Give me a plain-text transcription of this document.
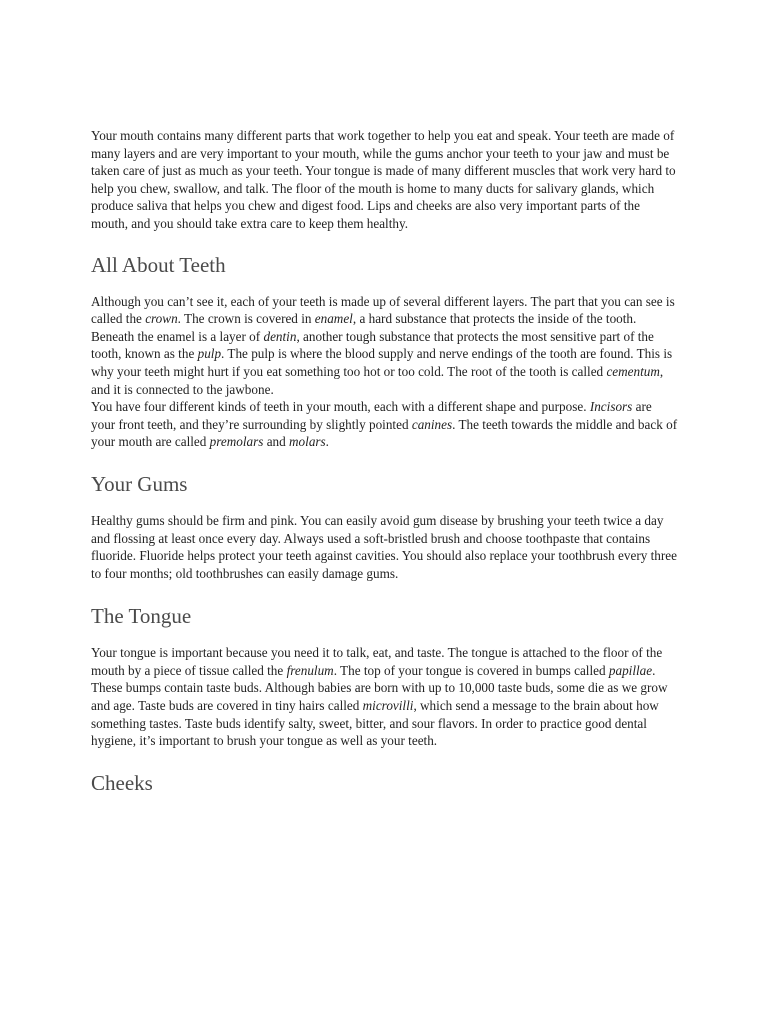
Your mouth contains many different parts that work together to help you eat and speak. Your teeth are made of many layers and are very important to your mouth, while the gums anchor your teeth to your jaw and must be taken care of just as much as your teeth. Your tongue is made of many different muscles that work very hard to help you chew, swallow, and talk. The floor of the mouth is home to many ducts for salivary glands, which produce saliva that helps you chew and digest food. Lips and cheeks are also very important parts of the mouth, and you should take extra care to keep them healthy.

All About Teeth

Although you can’t see it, each of your teeth is made up of several different layers. The part that you can see is called the crown. The crown is covered in enamel, a hard substance that protects the inside of the tooth. Beneath the enamel is a layer of dentin, another tough substance that protects the most sensitive part of the tooth, known as the pulp. The pulp is where the blood supply and nerve endings of the tooth are found. This is why your teeth might hurt if you eat something too hot or too cold. The root of the tooth is called cementum, and it is connected to the jawbone.

You have four different kinds of teeth in your mouth, each with a different shape and purpose. Incisors are your front teeth, and they’re surrounding by slightly pointed canines. The teeth towards the middle and back of your mouth are called premolars and molars.

Your Gums

Healthy gums should be firm and pink. You can easily avoid gum disease by brushing your teeth twice a day and flossing at least once every day. Always used a soft-bristled brush and choose toothpaste that contains fluoride. Fluoride helps protect your teeth against cavities. You should also replace your toothbrush every three to four months; old toothbrushes can easily damage gums.

The Tongue

Your tongue is important because you need it to talk, eat, and taste. The tongue is attached to the floor of the mouth by a piece of tissue called the frenulum. The top of your tongue is covered in bumps called papillae. These bumps contain taste buds. Although babies are born with up to 10,000 taste buds, some die as we grow and age. Taste buds are covered in tiny hairs called microvilli, which send a message to the brain about how something tastes. Taste buds identify salty, sweet, bitter, and sour flavors. In order to practice good dental hygiene, it’s important to brush your tongue as well as your teeth.

Cheeks
